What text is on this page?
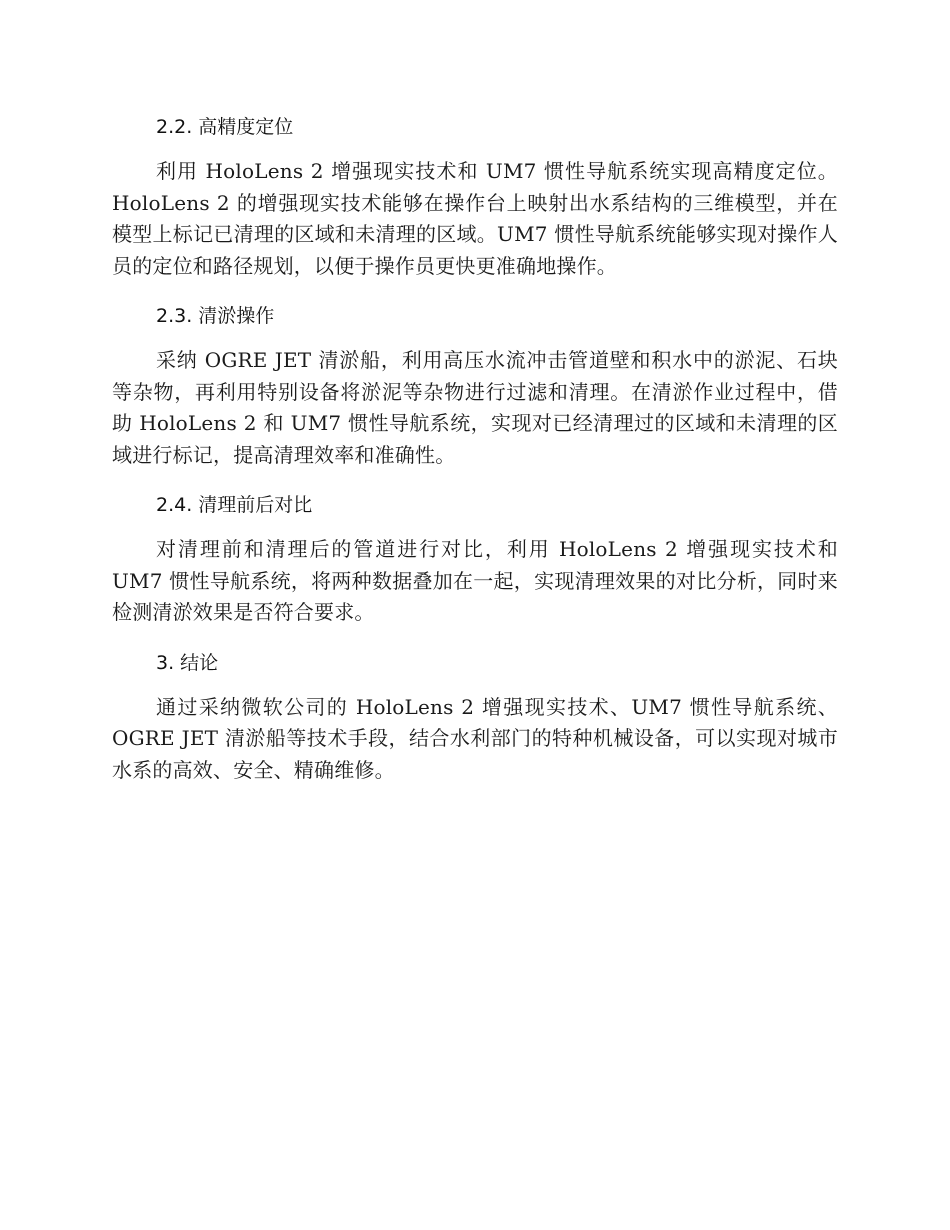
2.2. 高精度定位

利用 HoloLens 2 增强现实技术和 UM7 惯性导航系统实现高精度定位。HoloLens 2 的增强现实技术能够在操作台上映射出水系结构的三维模型，并在模型上标记已清理的区域和未清理的区域。UM7 惯性导航系统能够实现对操作人员的定位和路径规划，以便于操作员更快更准确地操作。

2.3. 清淤操作

采纳 OGRE JET 清淤船，利用高压水流冲击管道壁和积水中的淤泥、石块等杂物，再利用特别设备将淤泥等杂物进行过滤和清理。在清淤作业过程中，借助 HoloLens 2 和 UM7 惯性导航系统，实现对已经清理过的区域和未清理的区域进行标记，提高清理效率和准确性。

2.4. 清理前后对比

对清理前和清理后的管道进行对比，利用 HoloLens 2 增强现实技术和 UM7 惯性导航系统，将两种数据叠加在一起，实现清理效果的对比分析，同时来检测清淤效果是否符合要求。

3. 结论

通过采纳微软公司的 HoloLens 2 增强现实技术、UM7 惯性导航系统、OGRE JET 清淤船等技术手段，结合水利部门的特种机械设备，可以实现对城市水系的高效、安全、精确维修。
